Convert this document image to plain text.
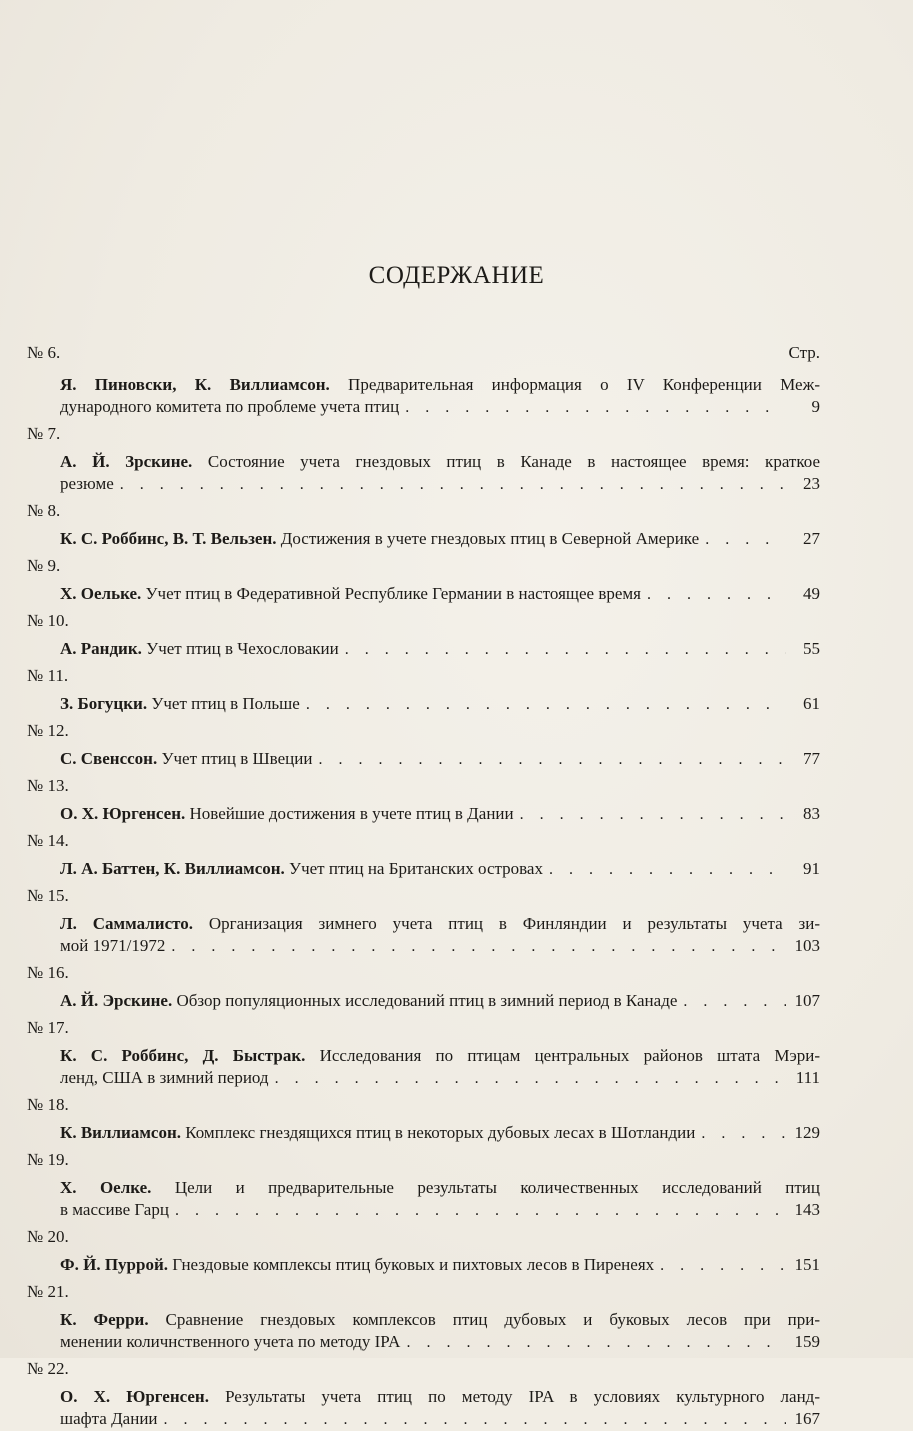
СОДЕРЖАНИЕ
№ 6.	Стр.
Я. Пиновски, К. Виллиамсон. Предварительная информация о IV Конференции Меж-
дународного комитета по проблеме учета птиц . . .	9
№ 7.
А. Й. Зрскине. Состояние учета гнездовых птиц в Канаде в настоящее время: краткое
резюме . . .	23
№ 8.
К. С. Роббинс, В. Т. Вельзен. Достижения в учете гнездовых птиц в Северной Америке . . .	27
№ 9.
Х. Оельке. Учет птиц в Федеративной Республике Германии в настоящее время . . .	49
№ 10.
А. Рандик. Учет птиц в Чехословакии . . .	55
№ 11.
З. Богуцки. Учет птиц в Польше . . .	61
№ 12.
С. Свенссон. Учет птиц в Швеции . . .	77
№ 13.
О. Х. Юргенсен. Новейшие достижения в учете птиц в Дании . . .	83
№ 14.
Л. А. Баттен, К. Виллиамсон. Учет птиц на Британских островах . . .	91
№ 15.
Л. Саммалисто. Организация зимнего учета птиц в Финляндии и результаты учета зи-
мой 1971/1972 . . .	103
№ 16.
А. Й. Эрскине. Обзор популяционных исследований птиц в зимний период в Канаде . . .	107
№ 17.
К. С. Роббинс, Д. Быстрак. Исследования по птицам центральных районов штата Мэри-
ленд, США в зимний период . . .	111
№ 18.
К. Виллиамсон. Комплекс гнездящихся птиц в некоторых дубовых лесах в Шотландии . . .	129
№ 19.
Х. Оелке. Цели и предварительные результаты количественных исследований птиц
в массиве Гарц . . .	143
№ 20.
Ф. Й. Пуррой. Гнездовые комплексы птиц буковых и пихтовых лесов в Пиренеях . . .	151
№ 21.
К. Ферри. Сравнение гнездовых комплексов птиц дубовых и буковых лесов при при-
менении количнственного учета по методу IPA . . .	159
№ 22.
О. Х. Юргенсен. Результаты учета птиц по методу IPA в условиях культурного ланд-
шафта Дании . . .	167
